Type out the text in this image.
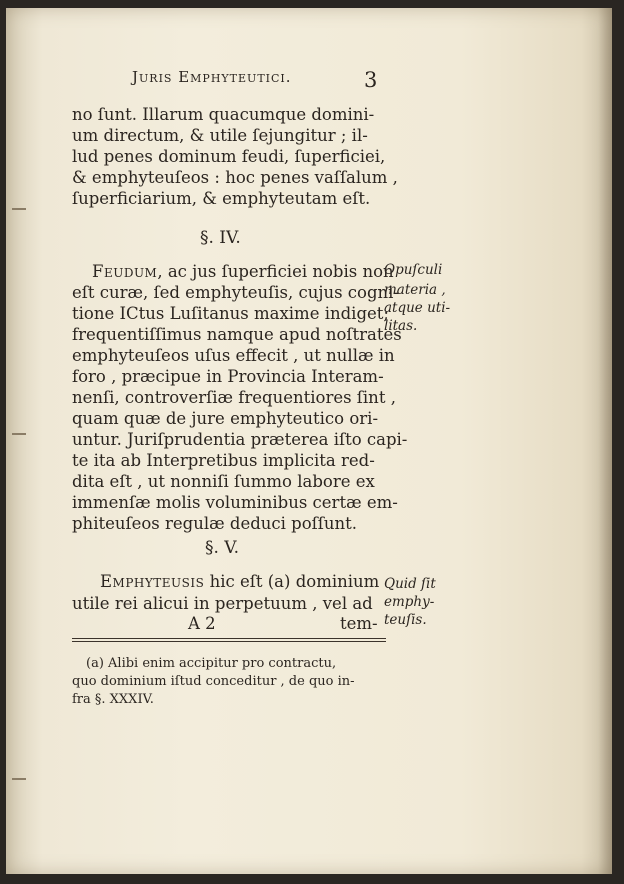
Juris Emphyteutici.	3
no ſunt. Illarum quacumque domini-
um directum, & utile ſejungitur ; il-
lud penes dominum feudi, ſuperficiei,
& emphyteuſeos : hoc penes vaſſalum ,
ſuperficiarium, & emphyteutam eſt.
§. IV.
Feudum, ac jus ſuperficiei nobis non
eſt curæ, ſed emphyteuſis, cujus cogni-
tione ICtus Luſitanus maxime indiget;
frequentiſſimus namque apud noſtrates
emphyteuſeos uſus effecit , ut nullæ in
foro , præcipue in Provincia Interam-
nenſi, controverſiæ frequentiores ſint ,
quam quæ de jure emphyteutico ori-
untur. Juriſprudentia præterea iſto capi-
te ita ab Interpretibus implicita red-
dita eſt , ut nonniſi ſummo labore ex
immenſæ molis voluminibus certæ em-
phiteuſeos regulæ deduci poſſunt.
Opuſculi
materia ,
atque uti-
litas.
§. V.
Emphyteusis hic eſt (a) dominium
utile rei alicui in perpetuum , vel ad
A 2	tem-
Quid ſit
emphy-
teuſis.
(a) Alibi enim accipitur pro contractu,
quo dominium iſtud conceditur , de quo in-
fra §. XXXIV.
